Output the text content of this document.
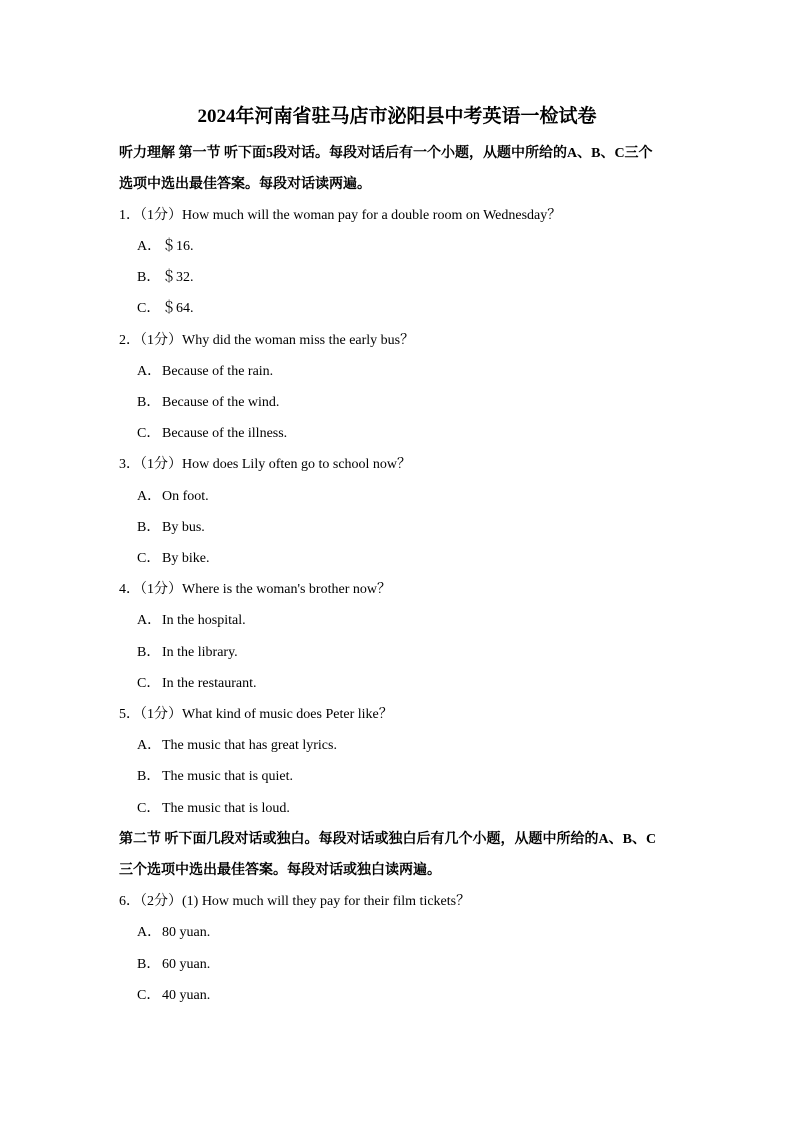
2024年河南省驻马店市泌阳县中考英语一检试卷
听力理解 第一节 听下面5段对话。每段对话后有一个小题，从题中所给的A、B、C三个
选项中选出最佳答案。每段对话读两遍。
1．（1分）How much will the woman pay for a double room on Wednesday？
A．＄16.
B． ＄32.
C． ＄64.
2．（1分）Why did the woman miss the early bus？
A．Because of the rain.
B． Because of the wind.
C． Because of the illness.
3．（1分）How does Lily often go to school now？
A．On foot.
B． By bus.
C． By bike.
4．（1分）Where is the woman's brother now？
A．In the hospital.
B． In the library.
C． In the restaurant.
5．（1分）What kind of music does Peter like？
A．The music that has great lyrics.
B． The music that is quiet.
C． The music that is loud.
第二节 听下面几段对话或独白。每段对话或独白后有几个小题，从题中所给的A、B、C
三个选项中选出最佳答案。每段对话或独白读两遍。
6．（2分）(1) How much will they pay for their film tickets？
A．80 yuan.
B． 60 yuan.
C． 40 yuan.
